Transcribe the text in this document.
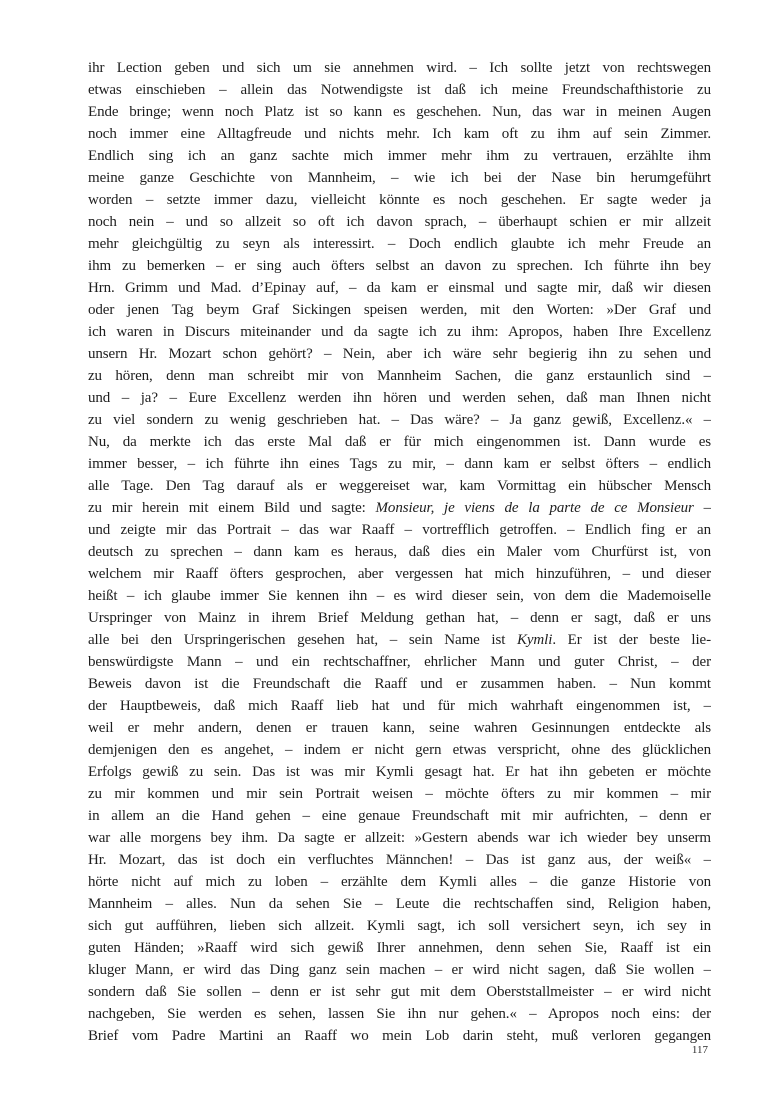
ihr Lection geben und sich um sie annehmen wird. – Ich sollte jetzt von rechtswegen
etwas einschieben – allein das Notwendigste ist daß ich meine Freundschafthistorie zu
Ende bringe; wenn noch Platz ist so kann es geschehen. Nun, das war in meinen Augen
noch immer eine Alltagfreude und nichts mehr. Ich kam oft zu ihm auf sein Zimmer.
Endlich sing ich an ganz sachte mich immer mehr ihm zu vertrauen, erzählte ihm
meine ganze Geschichte von Mannheim, – wie ich bei der Nase bin herumgeführt
worden – setzte immer dazu, vielleicht könnte es noch geschehen. Er sagte weder ja
noch nein – und so allzeit so oft ich davon sprach, – überhaupt schien er mir allzeit
mehr gleichgültig zu seyn als interessirt. – Doch endlich glaubte ich mehr Freude an
ihm zu bemerken – er sing auch öfters selbst an davon zu sprechen. Ich führte ihn bey
Hrn. Grimm und Mad. d’Epinay auf, – da kam er einsmal und sagte mir, daß wir diesen
oder jenen Tag beym Graf Sickingen speisen werden, mit den Worten: »Der Graf und
ich waren in Discurs miteinander und da sagte ich zu ihm: Apropos, haben Ihre Excellenz
unsern Hr. Mozart schon gehört? – Nein, aber ich wäre sehr begierig ihn zu sehen und
zu hören, denn man schreibt mir von Mannheim Sachen, die ganz erstaunlich sind –
und – ja? – Eure Excellenz werden ihn hören und werden sehen, daß man Ihnen nicht
zu viel sondern zu wenig geschrieben hat. – Das wäre? – Ja ganz gewiß, Excellenz.« –
Nu, da merkte ich das erste Mal daß er für mich eingenommen ist. Dann wurde es
immer besser, – ich führte ihn eines Tags zu mir, – dann kam er selbst öfters – endlich
alle Tage. Den Tag darauf als er weggereiset war, kam Vormittag ein hübscher Mensch
zu mir herein mit einem Bild und sagte: Monsieur, je viens de la parte de ce Monsieur –
und zeigte mir das Portrait – das war Raaff – vortrefflich getroffen. – Endlich fing er an
deutsch zu sprechen – dann kam es heraus, daß dies ein Maler vom Churfürst ist, von
welchem mir Raaff öfters gesprochen, aber vergessen hat mich hinzuführen, – und dieser
heißt – ich glaube immer Sie kennen ihn – es wird dieser sein, von dem die Mademoiselle
Urspringer von Mainz in ihrem Brief Meldung gethan hat, – denn er sagt, daß er uns
alle bei den Urspringerischen gesehen hat, – sein Name ist Kymli. Er ist der beste lie-
benswürdigste Mann – und ein rechtschaffner, ehrlicher Mann und guter Christ, – der
Beweis davon ist die Freundschaft die Raaff und er zusammen haben. – Nun kommt
der Hauptbeweis, daß mich Raaff lieb hat und für mich wahrhaft eingenommen ist, –
weil er mehr andern, denen er trauen kann, seine wahren Gesinnungen entdeckte als
demjenigen den es angehet, – indem er nicht gern etwas verspricht, ohne des glücklichen
Erfolgs gewiß zu sein. Das ist was mir Kymli gesagt hat. Er hat ihn gebeten er möchte
zu mir kommen und mir sein Portrait weisen – möchte öfters zu mir kommen – mir
in allem an die Hand gehen – eine genaue Freundschaft mit mir aufrichten, – denn er
war alle morgens bey ihm. Da sagte er allzeit: »Gestern abends war ich wieder bey unserm
Hr. Mozart, das ist doch ein verfluchtes Männchen! – Das ist ganz aus, der weiß« –
hörte nicht auf mich zu loben – erzählte dem Kymli alles – die ganze Historie von
Mannheim – alles. Nun da sehen Sie – Leute die rechtschaffen sind, Religion haben,
sich gut aufführen, lieben sich allzeit. Kymli sagt, ich soll versichert seyn, ich sey in
guten Händen; »Raaff wird sich gewiß Ihrer annehmen, denn sehen Sie, Raaff ist ein
kluger Mann, er wird das Ding ganz sein machen – er wird nicht sagen, daß Sie wollen –
sondern daß Sie sollen – denn er ist sehr gut mit dem Oberststallmeister – er wird nicht
nachgeben, Sie werden es sehen, lassen Sie ihn nur gehen.« – Apropos noch eins: der
Brief vom Padre Martini an Raaff wo mein Lob darin steht, muß verloren gegangen
117
